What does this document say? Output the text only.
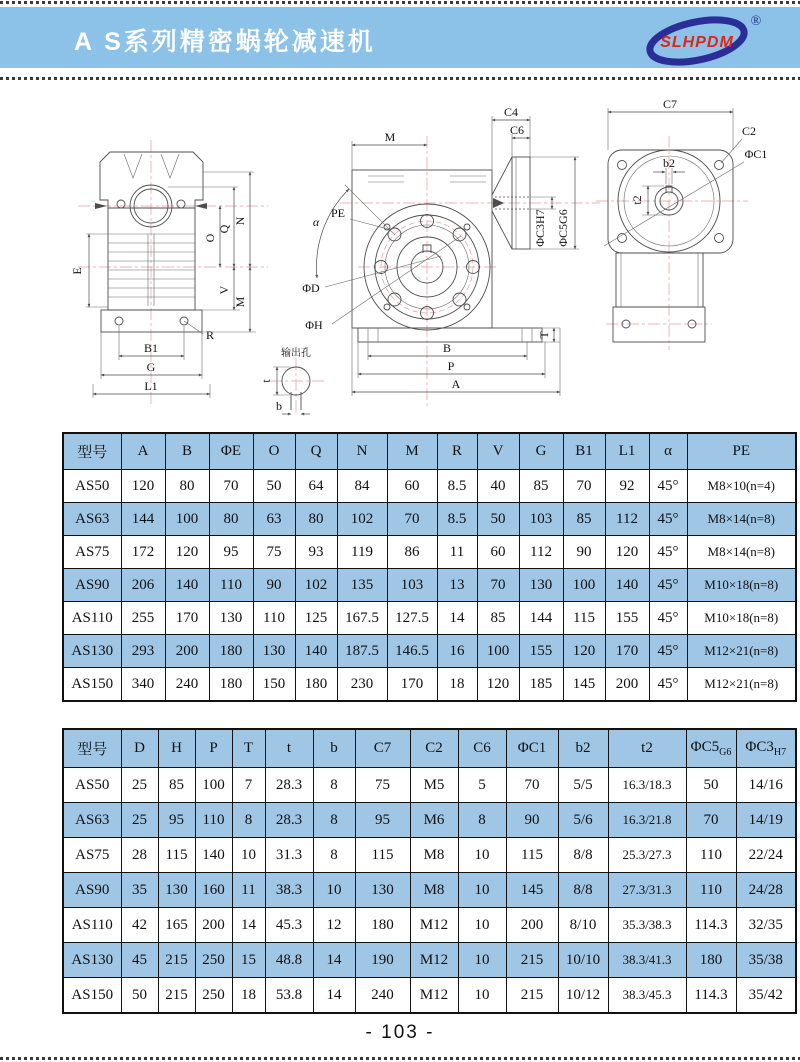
A S系列精密蜗轮减速机	SLHPDM
®
E
O
Q
N
V
M
R
B1
G
L1
输出孔
t
b
M
C4
C6
α
PE
ΦD
ΦH
ΦC3H7 ΦC5G6
T
B
P
A
C7
b2
t2
C2
ΦC1
型号	A	B	ΦE	O	Q	N	M	R	V	G	B1	L1	α	PE
AS50	120	80	70	50	64	84	60	8.5	40	85	70	92	45°	M8×10(n=4)
AS63	144	100	80	63	80	102	70	8.5	50	103	85	112	45°	M8×14(n=8)
AS75	172	120	95	75	93	119	86	11	60	112	90	120	45°	M8×14(n=8)
AS90	206	140	110	90	102	135	103	13	70	130	100	140	45°	M10×18(n=8)
AS110	255	170	130	110	125	167.5	127.5	14	85	144	115	155	45°	M10×18(n=8)
AS130	293	200	180	130	140	187.5	146.5	16	100	155	120	170	45°	M12×21(n=8)
AS150	340	240	180	150	180	230	170	18	120	185	145	200	45°	M12×21(n=8)
型号	D	H	P	T	t	b	C7	C2	C6	ΦC1	b2	t2	$\Phi C5_{G6}$	$\Phi C3_{H7}$
AS50	25	85	100	7	28.3	8	75	M5	5	70	5/5	16.3/18.3	50	14/16
AS63	25	95	110	8	28.3	8	95	M6	8	90	5/6	16.3/21.8	70	14/19
AS75	28	115	140	10	31.3	8	115	M8	10	115	8/8	25.3/27.3	110	22/24
AS90	35	130	160	11	38.3	10	130	M8	10	145	8/8	27.3/31.3	110	24/28
AS110	42	165	200	14	45.3	12	180	M12	10	200	8/10	35.3/38.3	114.3	32/35
AS130	45	215	250	15	48.8	14	190	M12	10	215	10/10	38.3/41.3	180	35/38
AS150	50	215	250	18	53.8	14	240	M12	10	215	10/12	38.3/45.3	114.3	35/42
- 103 -
